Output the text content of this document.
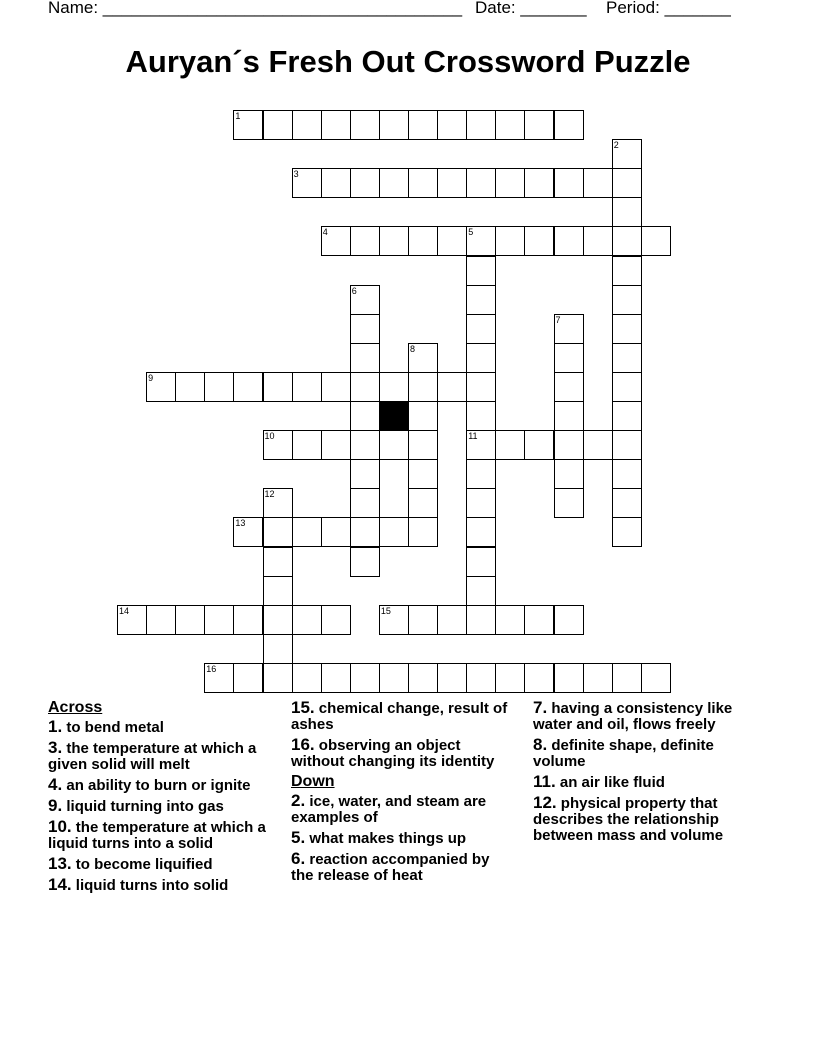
Name: ______________________________________ Date: _______ Period: _______
Auryan´s Fresh Out Crossword Puzzle
1
3
4	5
9
10	11
13
14	15
16
2
6
7
8
12
Across
1. to bend metal
3. the temperature at which a given solid will melt
4. an ability to burn or ignite
9. liquid turning into gas
10. the temperature at which a liquid turns into a solid
13. to become liquified
14. liquid turns into solid
15. chemical change, result of ashes
16. observing an object without changing its identity
Down
2. ice, water, and steam are examples of
5. what makes things up
6. reaction accompanied by the release of heat
7. having a consistency like water and oil, flows freely
8. definite shape, definite volume
11. an air like fluid
12. physical property that describes the relationship between mass and volume
